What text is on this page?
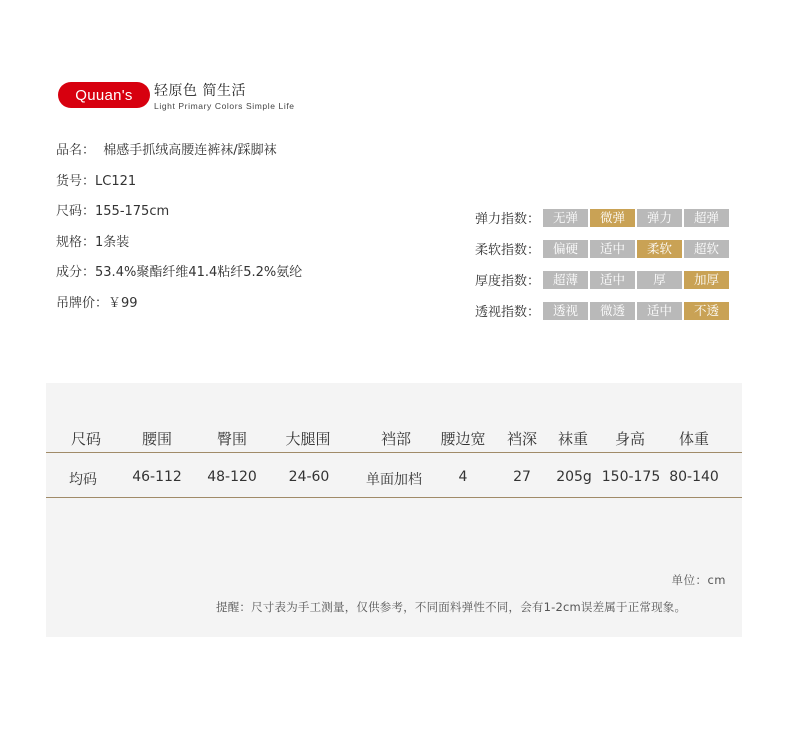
Quuan's	轻原色 简生活
Light Primary Colors Simple Life
品名：  棉感手抓绒高腰连裤袜/踩脚袜
货号：LC121
尺码：155-175cm
规格：1条装
成分：53.4%聚酯纤维41.4粘纤5.2%氨纶
吊牌价：￥99
弹力指数：	无弹	微弹	弹力	超弹
柔软指数：	偏硬	适中	柔软	超软
厚度指数：	超薄	适中	厚	加厚
透视指数：	透视	微透	适中	不透
尺码	腰围	臀围	大腿围	裆部 腰边宽 裆深 袜重 身高 体重
均码	46-112 48-120 24-60	单面加档	4	27 205g 150-175 80-140
单位：cm
提醒：尺寸表为手工测量，仅供参考，不同面料弹性不同，会有1-2cm误差属于正常现象。
